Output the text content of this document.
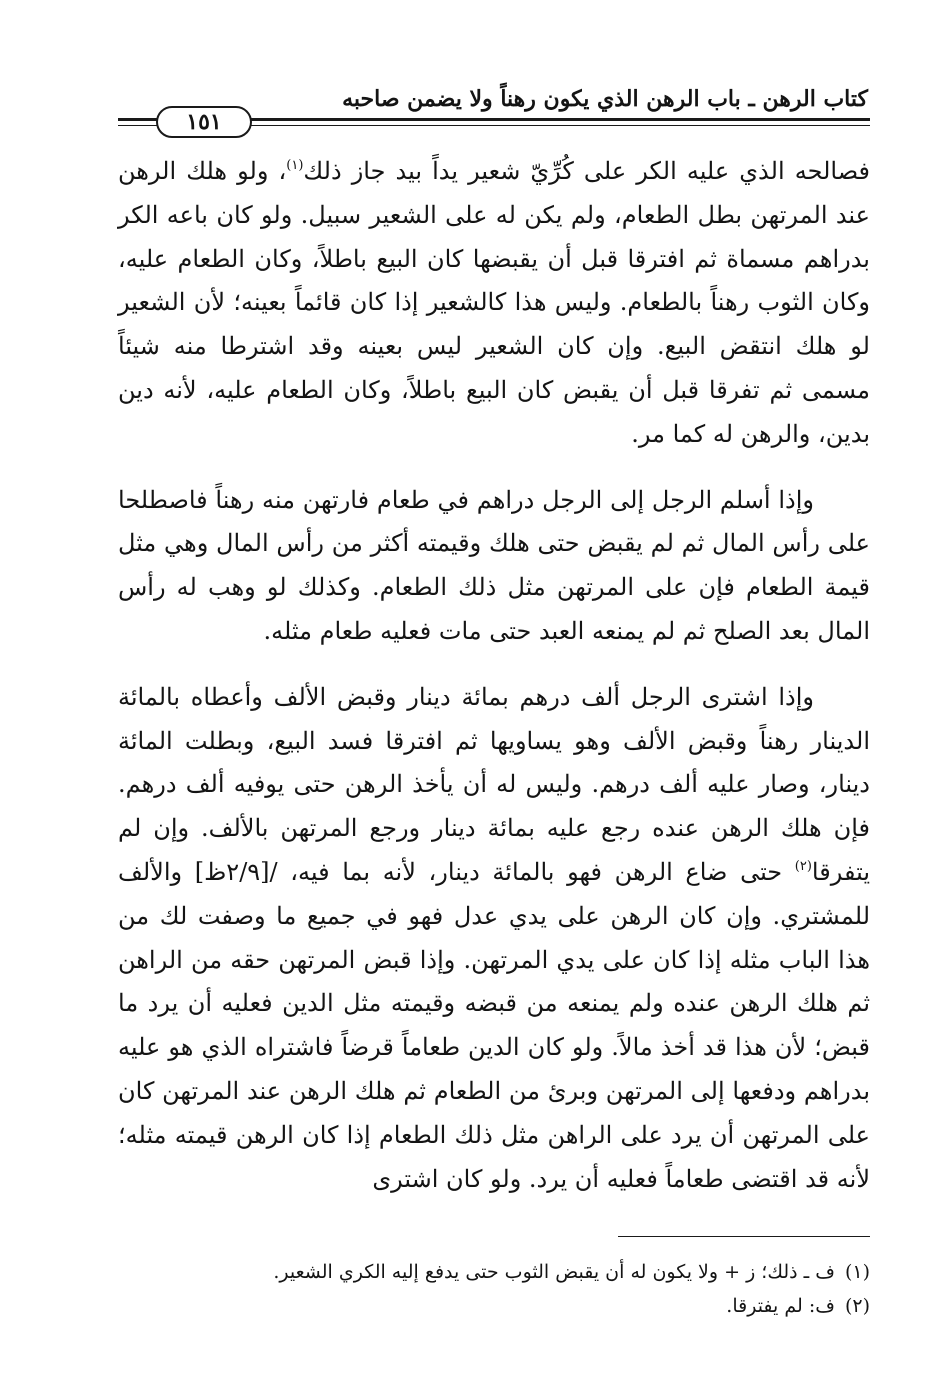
كتاب الرهن ـ باب الرهن الذي يكون رهناً ولا يضمن صاحبه
١٥١

فصالحه الذي عليه الكر على كُرِّيّ شعير يداً بيد جاز ذلك$^{(١)}$، ولو هلك الرهن عند المرتهن بطل الطعام، ولم يكن له على الشعير سبيل. ولو كان باعه الكر بدراهم مسماة ثم افترقا قبل أن يقبضها كان البيع باطلاً، وكان الطعام عليه، وكان الثوب رهناً بالطعام. وليس هذا كالشعير إذا كان قائماً بعينه؛ لأن الشعير لو هلك انتقض البيع. وإن كان الشعير ليس بعينه وقد اشترطا منه شيئاً مسمى ثم تفرقا قبل أن يقبض كان البيع باطلاً، وكان الطعام عليه، لأنه دين بدين، والرهن له كما مر.

وإذا أسلم الرجل إلى الرجل دراهم في طعام فارتهن منه رهناً فاصطلحا على رأس المال ثم لم يقبض حتى هلك وقيمته أكثر من رأس المال وهي مثل قيمة الطعام فإن على المرتهن مثل ذلك الطعام. وكذلك لو وهب له رأس المال بعد الصلح ثم لم يمنعه العبد حتى مات فعليه طعام مثله.

وإذا اشترى الرجل ألف درهم بمائة دينار وقبض الألف وأعطاه بالمائة الدينار رهناً وقبض الألف وهو يساويها ثم افترقا فسد البيع، وبطلت المائة دينار، وصار عليه ألف درهم. وليس له أن يأخذ الرهن حتى يوفيه ألف درهم. فإن هلك الرهن عنده رجع عليه بمائة دينار ورجع المرتهن بالألف. وإن لم يتفرقا$^{(٢)}$ حتى ضاع الرهن فهو بالمائة دينار، لأنه بما فيه، /[٢/٩ظ] والألف للمشتري. وإن كان الرهن على يدي عدل فهو في جميع ما وصفت لك من هذا الباب مثله إذا كان على يدي المرتهن. وإذا قبض المرتهن حقه من الراهن ثم هلك الرهن عنده ولم يمنعه من قبضه وقيمته مثل الدين فعليه أن يرد ما قبض؛ لأن هذا قد أخذ مالاً. ولو كان الدين طعاماً قرضاً فاشتراه الذي هو عليه بدراهم ودفعها إلى المرتهن وبرئ من الطعام ثم هلك الرهن عند المرتهن كان على المرتهن أن يرد على الراهن مثل ذلك الطعام إذا كان الرهن قيمته مثله؛ لأنه قد اقتضى طعاماً فعليه أن يرد. ولو كان اشترى

(١)ف ـ ذلك؛ ز + ولا يكون له أن يقبض الثوب حتى يدفع إليه الكري الشعير.

(٢)ف: لم يفترقا.
